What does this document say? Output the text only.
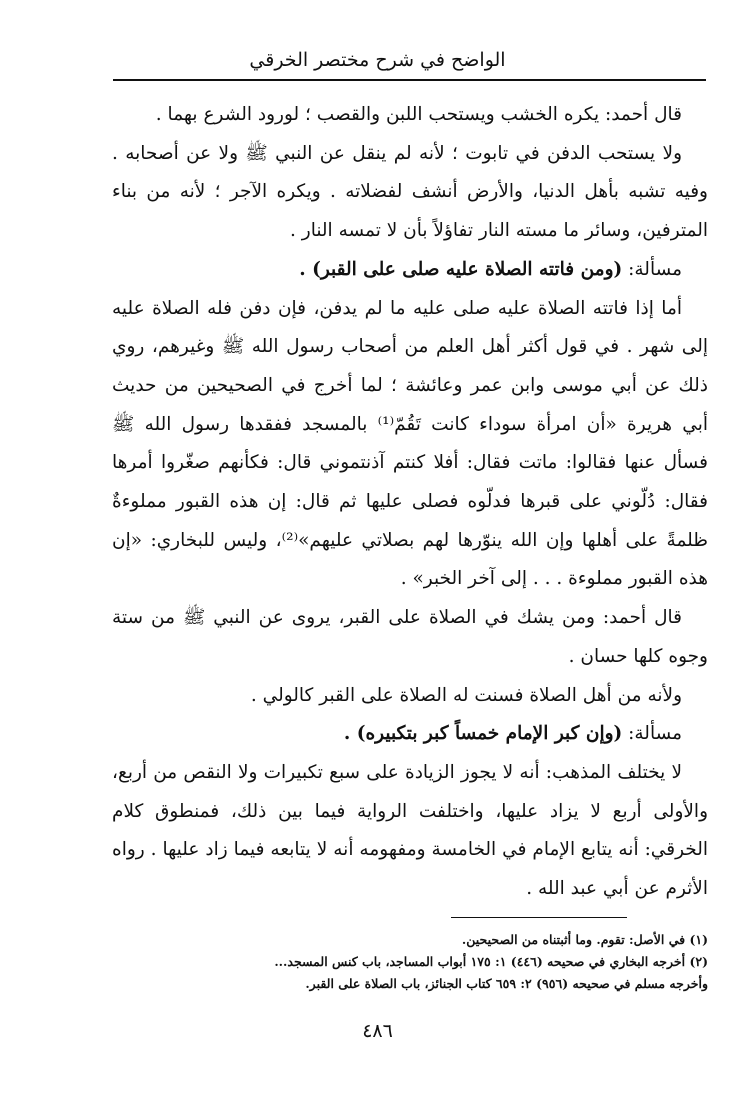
الواضح في شرح مختصر الخرقي

قال أحمد: يكره الخشب ويستحب اللبن والقصب ؛ لورود الشرع بهما .

ولا يستحب الدفن في تابوت ؛ لأنه لم ينقل عن النبي ﷺ ولا عن أصحابه . وفيه تشبه بأهل الدنيا، والأرض أنشف لفضلاته . ويكره الآجر ؛ لأنه من بناء المترفين، وسائر ما مسته النار تفاؤلاً بأن لا تمسه النار .

مسألة: (ومن فاتته الصلاة عليه صلى على القبر) .

أما إذا فاتته الصلاة عليه صلى عليه ما لم يدفن، فإن دفن فله الصلاة عليه إلى شهر . في قول أكثر أهل العلم من أصحاب رسول الله ﷺ وغيرهم، روي ذلك عن أبي موسى وابن عمر وعائشة ؛ لما أخرج في الصحيحين من حديث أبي هريرة «أن امرأة سوداء كانت تَقُمّ⁽¹⁾ بالمسجد ففقدها رسول الله ﷺ فسأل عنها فقالوا: ماتت فقال: أفلا كنتم آذنتموني قال: فكأنهم صغّروا أمرها فقال: دُلّوني على قبرها فدلّوه فصلى عليها ثم قال: إن هذه القبور مملوءةٌ ظلمةً على أهلها وإن الله ينوّرها لهم بصلاتي عليهم»⁽²⁾، وليس للبخاري: «إن هذه القبور مملوءة . . . إلى آخر الخبر» .

قال أحمد: ومن يشك في الصلاة على القبر، يروى عن النبي ﷺ من ستة وجوه كلها حسان .

ولأنه من أهل الصلاة فسنت له الصلاة على القبر كالولي .

مسألة: (وإن كبر الإمام خمساً كبر بتكبيره) .

لا يختلف المذهب: أنه لا يجوز الزيادة على سبع تكبيرات ولا النقص من أربع، والأولى أربع لا يزاد عليها، واختلفت الرواية فيما بين ذلك، فمنطوق كلام الخرقي: أنه يتابع الإمام في الخامسة ومفهومه أنه لا يتابعه فيما زاد عليها . رواه الأثرم عن أبي عبد الله .

(١) في الأصل: تقوم. وما أثبتناه من الصحيحين.

(٢) أخرجه البخاري في صحيحه (٤٤٦) ١: ١٧٥ أبواب المساجد، باب كنس المسجد...

وأخرجه مسلم في صحيحه (٩٥٦) ٢: ٦٥٩ كتاب الجنائز، باب الصلاة على القبر.

٤٨٦
